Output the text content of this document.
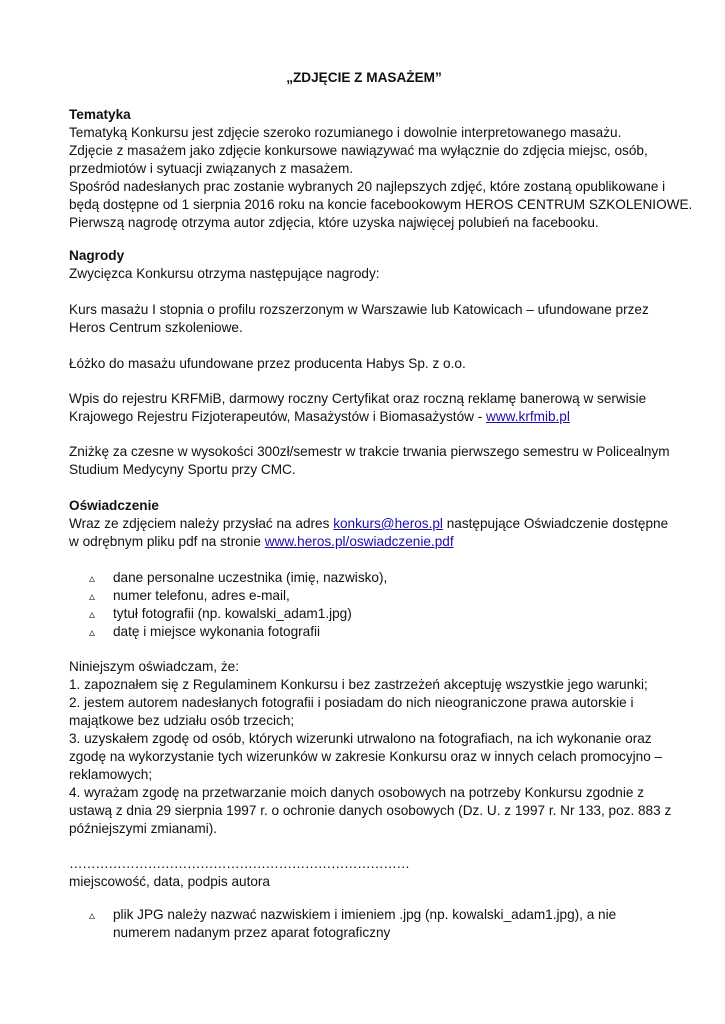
„ZDJĘCIE Z MASAŻEM”
Tematyka
Tematyką Konkursu jest zdjęcie szeroko rozumianego i dowolnie interpretowanego masażu.
Zdjęcie z masażem jako zdjęcie konkursowe nawiązywać ma wyłącznie do zdjęcia miejsc, osób,
przedmiotów i sytuacji związanych z masażem.
Spośród nadesłanych prac zostanie wybranych 20 najlepszych zdjęć, które zostaną opublikowane i
będą dostępne od 1 sierpnia 2016 roku na koncie facebookowym HEROS CENTRUM SZKOLENIOWE.
Pierwszą nagrodę otrzyma autor zdjęcia, które uzyska najwięcej polubień na facebooku.
Nagrody
Zwycięzca Konkursu otrzyma następujące nagrody:
Kurs masażu I stopnia o profilu rozszerzonym w Warszawie lub Katowicach – ufundowane przez
Heros Centrum szkoleniowe.
Łóżko do masażu ufundowane przez producenta Habys Sp. z o.o.
Wpis do rejestru KRFMiB, darmowy roczny Certyfikat oraz roczną reklamę banerową w serwisie
Krajowego Rejestru Fizjoterapeutów, Masażystów i Biomasażystów - www.krfmib.pl
Zniżkę za czesne w wysokości 300zł/semestr w trakcie trwania pierwszego semestru w Policealnym
Studium Medycyny Sportu przy CMC.
Oświadczenie
Wraz ze zdjęciem należy przysłać na adres konkurs@heros.pl następujące Oświadczenie dostępne
w odrębnym pliku pdf na stronie www.heros.pl/oswiadczenie.pdf
▵ dane personalne uczestnika (imię, nazwisko),
▵ numer telefonu, adres e-mail,
▵ tytuł fotografii (np. kowalski_adam1.jpg)
▵ datę i miejsce wykonania fotografii
Niniejszym oświadczam, że:
1. zapoznałem się z Regulaminem Konkursu i bez zastrzeżeń akceptuję wszystkie jego warunki;
2. jestem autorem nadesłanych fotografii i posiadam do nich nieograniczone prawa autorskie i
majątkowe bez udziału osób trzecich;
3. uzyskałem zgodę od osób, których wizerunki utrwalono na fotografiach, na ich wykonanie oraz
zgodę na wykorzystanie tych wizerunków w zakresie Konkursu oraz w innych celach promocyjno –
reklamowych;
4. wyrażam zgodę na przetwarzanie moich danych osobowych na potrzeby Konkursu zgodnie z
ustawą z dnia 29 sierpnia 1997 r. o ochronie danych osobowych (Dz. U. z 1997 r. Nr 133, poz. 883 z
późniejszymi zmianami).
……………………………………………………………………
miejscowość, data, podpis autora
▵ plik JPG należy nazwać nazwiskiem i imieniem .jpg (np. kowalski_adam1.jpg), a nie
numerem nadanym przez aparat fotograficzny
